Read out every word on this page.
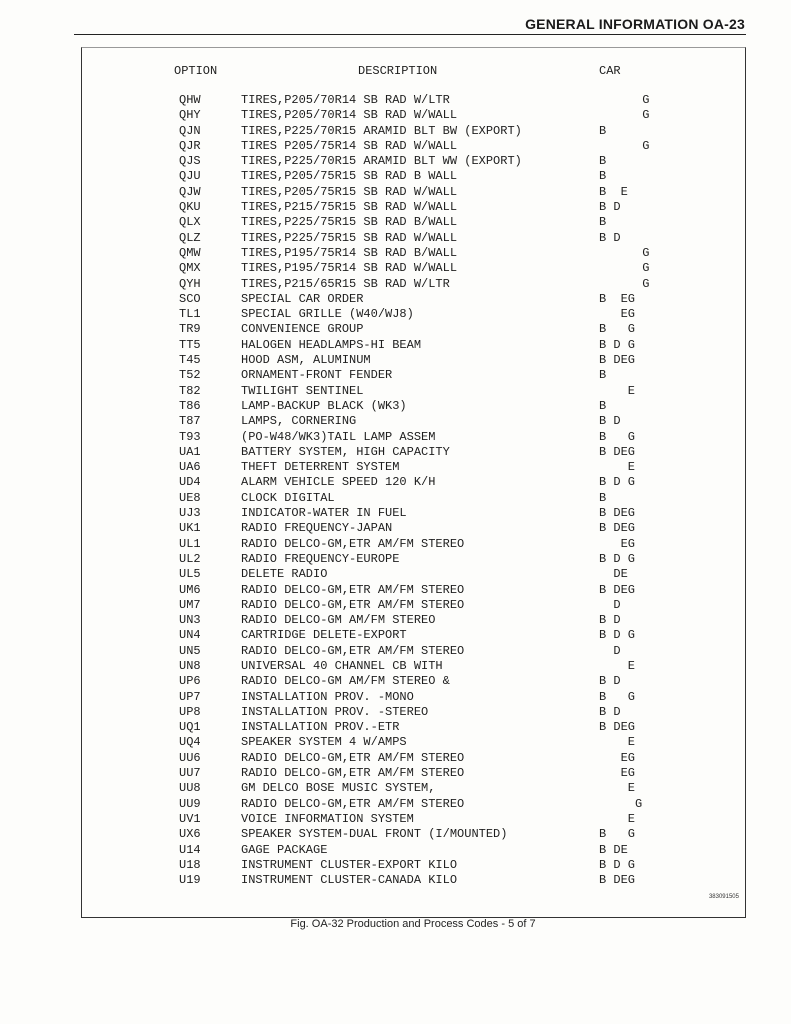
GENERAL INFORMATION OA-23
OPTION	DESCRIPTION	CAR
QHW	TIRES,P205/70R14 SB RAD W/LTR	G
QHY	TIRES,P205/70R14 SB RAD W/WALL	G
QJN	TIRES,P225/70R15 ARAMID BLT BW (EXPORT)	B
QJR	TIRES P205/75R14 SB RAD W/WALL	G
QJS	TIRES,P225/70R15 ARAMID BLT WW (EXPORT)	B
QJU	TIRES,P205/75R15 SB RAD B WALL	B
QJW	TIRES,P205/75R15 SB RAD W/WALL	B  E
QKU	TIRES,P215/75R15 SB RAD W/WALL	B D
QLX	TIRES,P225/75R15 SB RAD B/WALL	B
QLZ	TIRES,P225/75R15 SB RAD W/WALL	B D
QMW	TIRES,P195/75R14 SB RAD B/WALL	G
QMX	TIRES,P195/75R14 SB RAD W/WALL	G
QYH	TIRES,P215/65R15 SB RAD W/LTR	G
SCO	SPECIAL CAR ORDER	B  EG
TL1	SPECIAL GRILLE (W40/WJ8)	EG
TR9	CONVENIENCE GROUP	B   G
TT5	HALOGEN HEADLAMPS-HI BEAM	B D G
T45	HOOD ASM, ALUMINUM	B DEG
T52	ORNAMENT-FRONT FENDER	B
T82	TWILIGHT SENTINEL	E
T86	LAMP-BACKUP BLACK (WK3)	B
T87	LAMPS, CORNERING	B D
T93	(PO-W48/WK3)TAIL LAMP ASSEM	B   G
UA1	BATTERY SYSTEM, HIGH CAPACITY	B DEG
UA6	THEFT DETERRENT SYSTEM	E
UD4	ALARM VEHICLE SPEED 120 K/H	B D G
UE8	CLOCK DIGITAL	B
UJ3	INDICATOR-WATER IN FUEL	B DEG
UK1	RADIO FREQUENCY-JAPAN	B DEG
UL1	RADIO DELCO-GM,ETR AM/FM STEREO	EG
UL2	RADIO FREQUENCY-EUROPE	B D G
UL5	DELETE RADIO	DE
UM6	RADIO DELCO-GM,ETR AM/FM STEREO	B DEG
UM7	RADIO DELCO-GM,ETR AM/FM STEREO	D
UN3	RADIO DELCO-GM AM/FM STEREO	B D
UN4	CARTRIDGE DELETE-EXPORT	B D G
UN5	RADIO DELCO-GM,ETR AM/FM STEREO	D
UN8	UNIVERSAL 40 CHANNEL CB WITH	E
UP6	RADIO DELCO-GM AM/FM STEREO &	B D
UP7	INSTALLATION PROV. -MONO	B   G
UP8	INSTALLATION PROV. -STEREO	B D
UQ1	INSTALLATION PROV.-ETR	B DEG
UQ4	SPEAKER SYSTEM 4 W/AMPS	E
UU6	RADIO DELCO-GM,ETR AM/FM STEREO	EG
UU7	RADIO DELCO-GM,ETR AM/FM STEREO	EG
UU8	GM DELCO BOSE MUSIC SYSTEM,	E
UU9	RADIO DELCO-GM,ETR AM/FM STEREO	G
UV1	VOICE INFORMATION SYSTEM	E
UX6	SPEAKER SYSTEM-DUAL FRONT (I/MOUNTED)	B   G
U14	GAGE PACKAGE	B DE
U18	INSTRUMENT CLUSTER-EXPORT KILO	B D G
U19	INSTRUMENT CLUSTER-CANADA KILO	B DEG
383091505
Fig. OA-32 Production and Process Codes - 5 of 7
